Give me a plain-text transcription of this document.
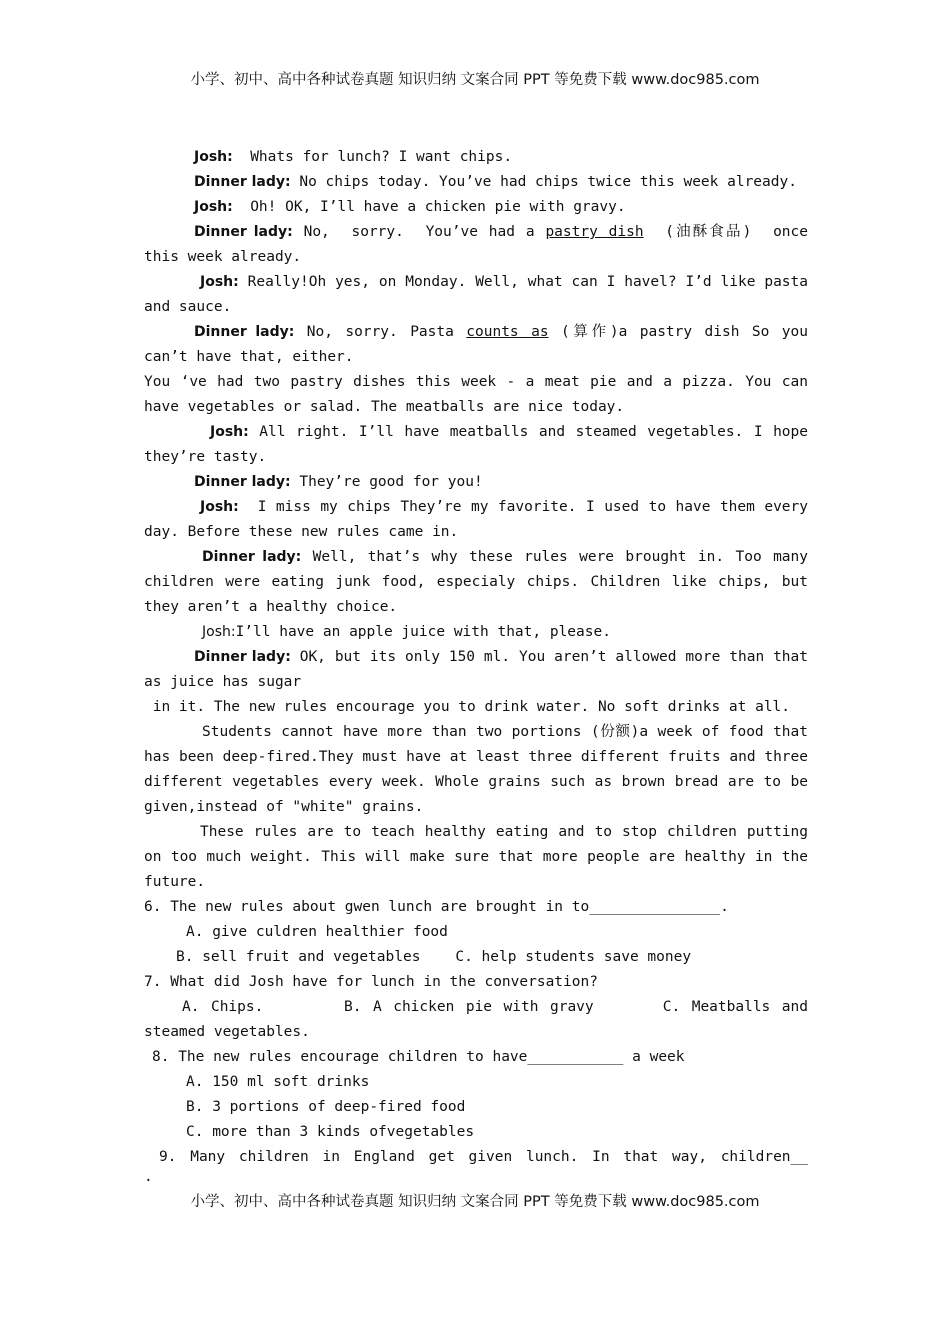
小学、初中、高中各种试卷真题 知识归纳 文案合同 PPT 等免费下载 www.doc985.com

Josh:  Whats for lunch? I want chips.

Dinner lady: No chips today. You’ve had chips twice this week already.

Josh:  Oh! OK, I’ll have a chicken pie with gravy.

Dinner lady: No,  sorry.  You’ve had a pastry dish  (油酥食品)  once this week already.

Josh: Really!Oh yes, on Monday. Well, what can I havel? I’d like pasta and sauce.

Dinner lady: No, sorry. Pasta counts as (算作)a pastry dish So you can’t have that, either.

You ‘ve had two pastry dishes this week - a meat pie and a pizza. You can have vegetables or salad. The meatballs are nice today.

Josh: All right. I’ll have meatballs and steamed vegetables. I hope they’re tasty.

Dinner lady: They’re good for you!

Josh:  I miss my chips They’re my favorite. I used to have them every day. Before these new rules came in.

Dinner lady: Well, that’s why these rules were brought in. Too many children were eating junk food, especialy chips. Children like chips, but they aren’t a healthy choice.

Josh:I’ll have an apple juice with that, please.

Dinner lady: OK, but its only 150 ml. You aren’t allowed more than that as juice has sugar

in it. The new rules encourage you to drink water. No soft drinks at all.

Students cannot have more than two portions (份额)a week of food that has been deep-fired.They must have at least three different fruits and three different vegetables every week. Whole grains such as brown bread are to be given,instead of "white" grains.

These rules are to teach healthy eating and to stop children putting on too much weight. This will make sure that more people are healthy in the future.

6. The new rules about gwen lunch are brought in to_______________.

A. give culdren healthier food

B. sell fruit and vegetables    C. help students save money

7. What did Josh have for lunch in the conversation?

A. Chips.       B. A chicken pie with gravy      C. Meatballs and steamed vegetables.

8. The new rules encourage children to have___________ a week

A. 150 ml soft drinks

B. 3 portions of deep-fired food

C. more than 3 kinds ofvegetables

9. Many children in England get given lunch. In that way, children__

.

小学、初中、高中各种试卷真题 知识归纳 文案合同 PPT 等免费下载 www.doc985.com
